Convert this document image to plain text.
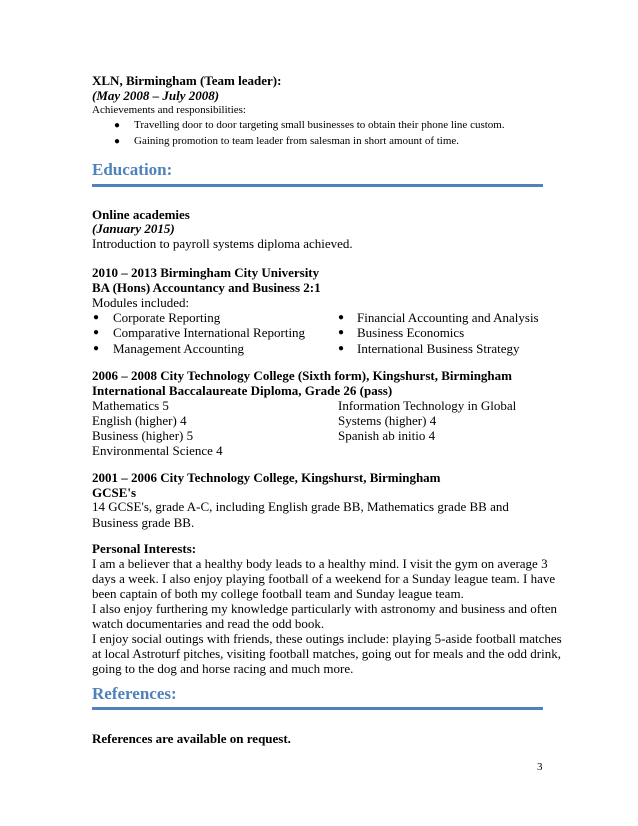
XLN, Birmingham (Team leader):
(May 2008 – July 2008)
Achievements and responsibilities:
● Travelling door to door targeting small businesses to obtain their phone line custom.
● Gaining promotion to team leader from salesman in short amount of time.
Education:
Online academies
(January 2015)
Introduction to payroll systems diploma achieved.
2010 – 2013 Birmingham City University
BA (Hons) Accountancy and Business 2:1
Modules included:
● Corporate Reporting
● Comparative International Reporting
● Management Accounting
● Financial Accounting and Analysis
● Business Economics
● International Business Strategy
2006 – 2008 City Technology College (Sixth form), Kingshurst, Birmingham
International Baccalaureate Diploma, Grade 26 (pass)
Mathematics 5
English (higher) 4
Business (higher) 5
Environmental Science 4
Information Technology in Global
Systems (higher) 4
Spanish ab initio 4
2001 – 2006 City Technology College, Kingshurst, Birmingham
GCSE's
14 GCSE's, grade A-C, including English grade BB, Mathematics grade BB and Business grade BB.
Personal Interests:
I am a believer that a healthy body leads to a healthy mind. I visit the gym on average 3
days a week. I also enjoy playing football of a weekend for a Sunday league team. I have
been captain of both my college football team and Sunday league team.
I also enjoy furthering my knowledge particularly with astronomy and business and often
watch documentaries and read the odd book.
I enjoy social outings with friends, these outings include: playing 5-aside football matches
at local Astroturf pitches, visiting football matches, going out for meals and the odd drink,
going to the dog and horse racing and much more.
References:
References are available on request.
3
